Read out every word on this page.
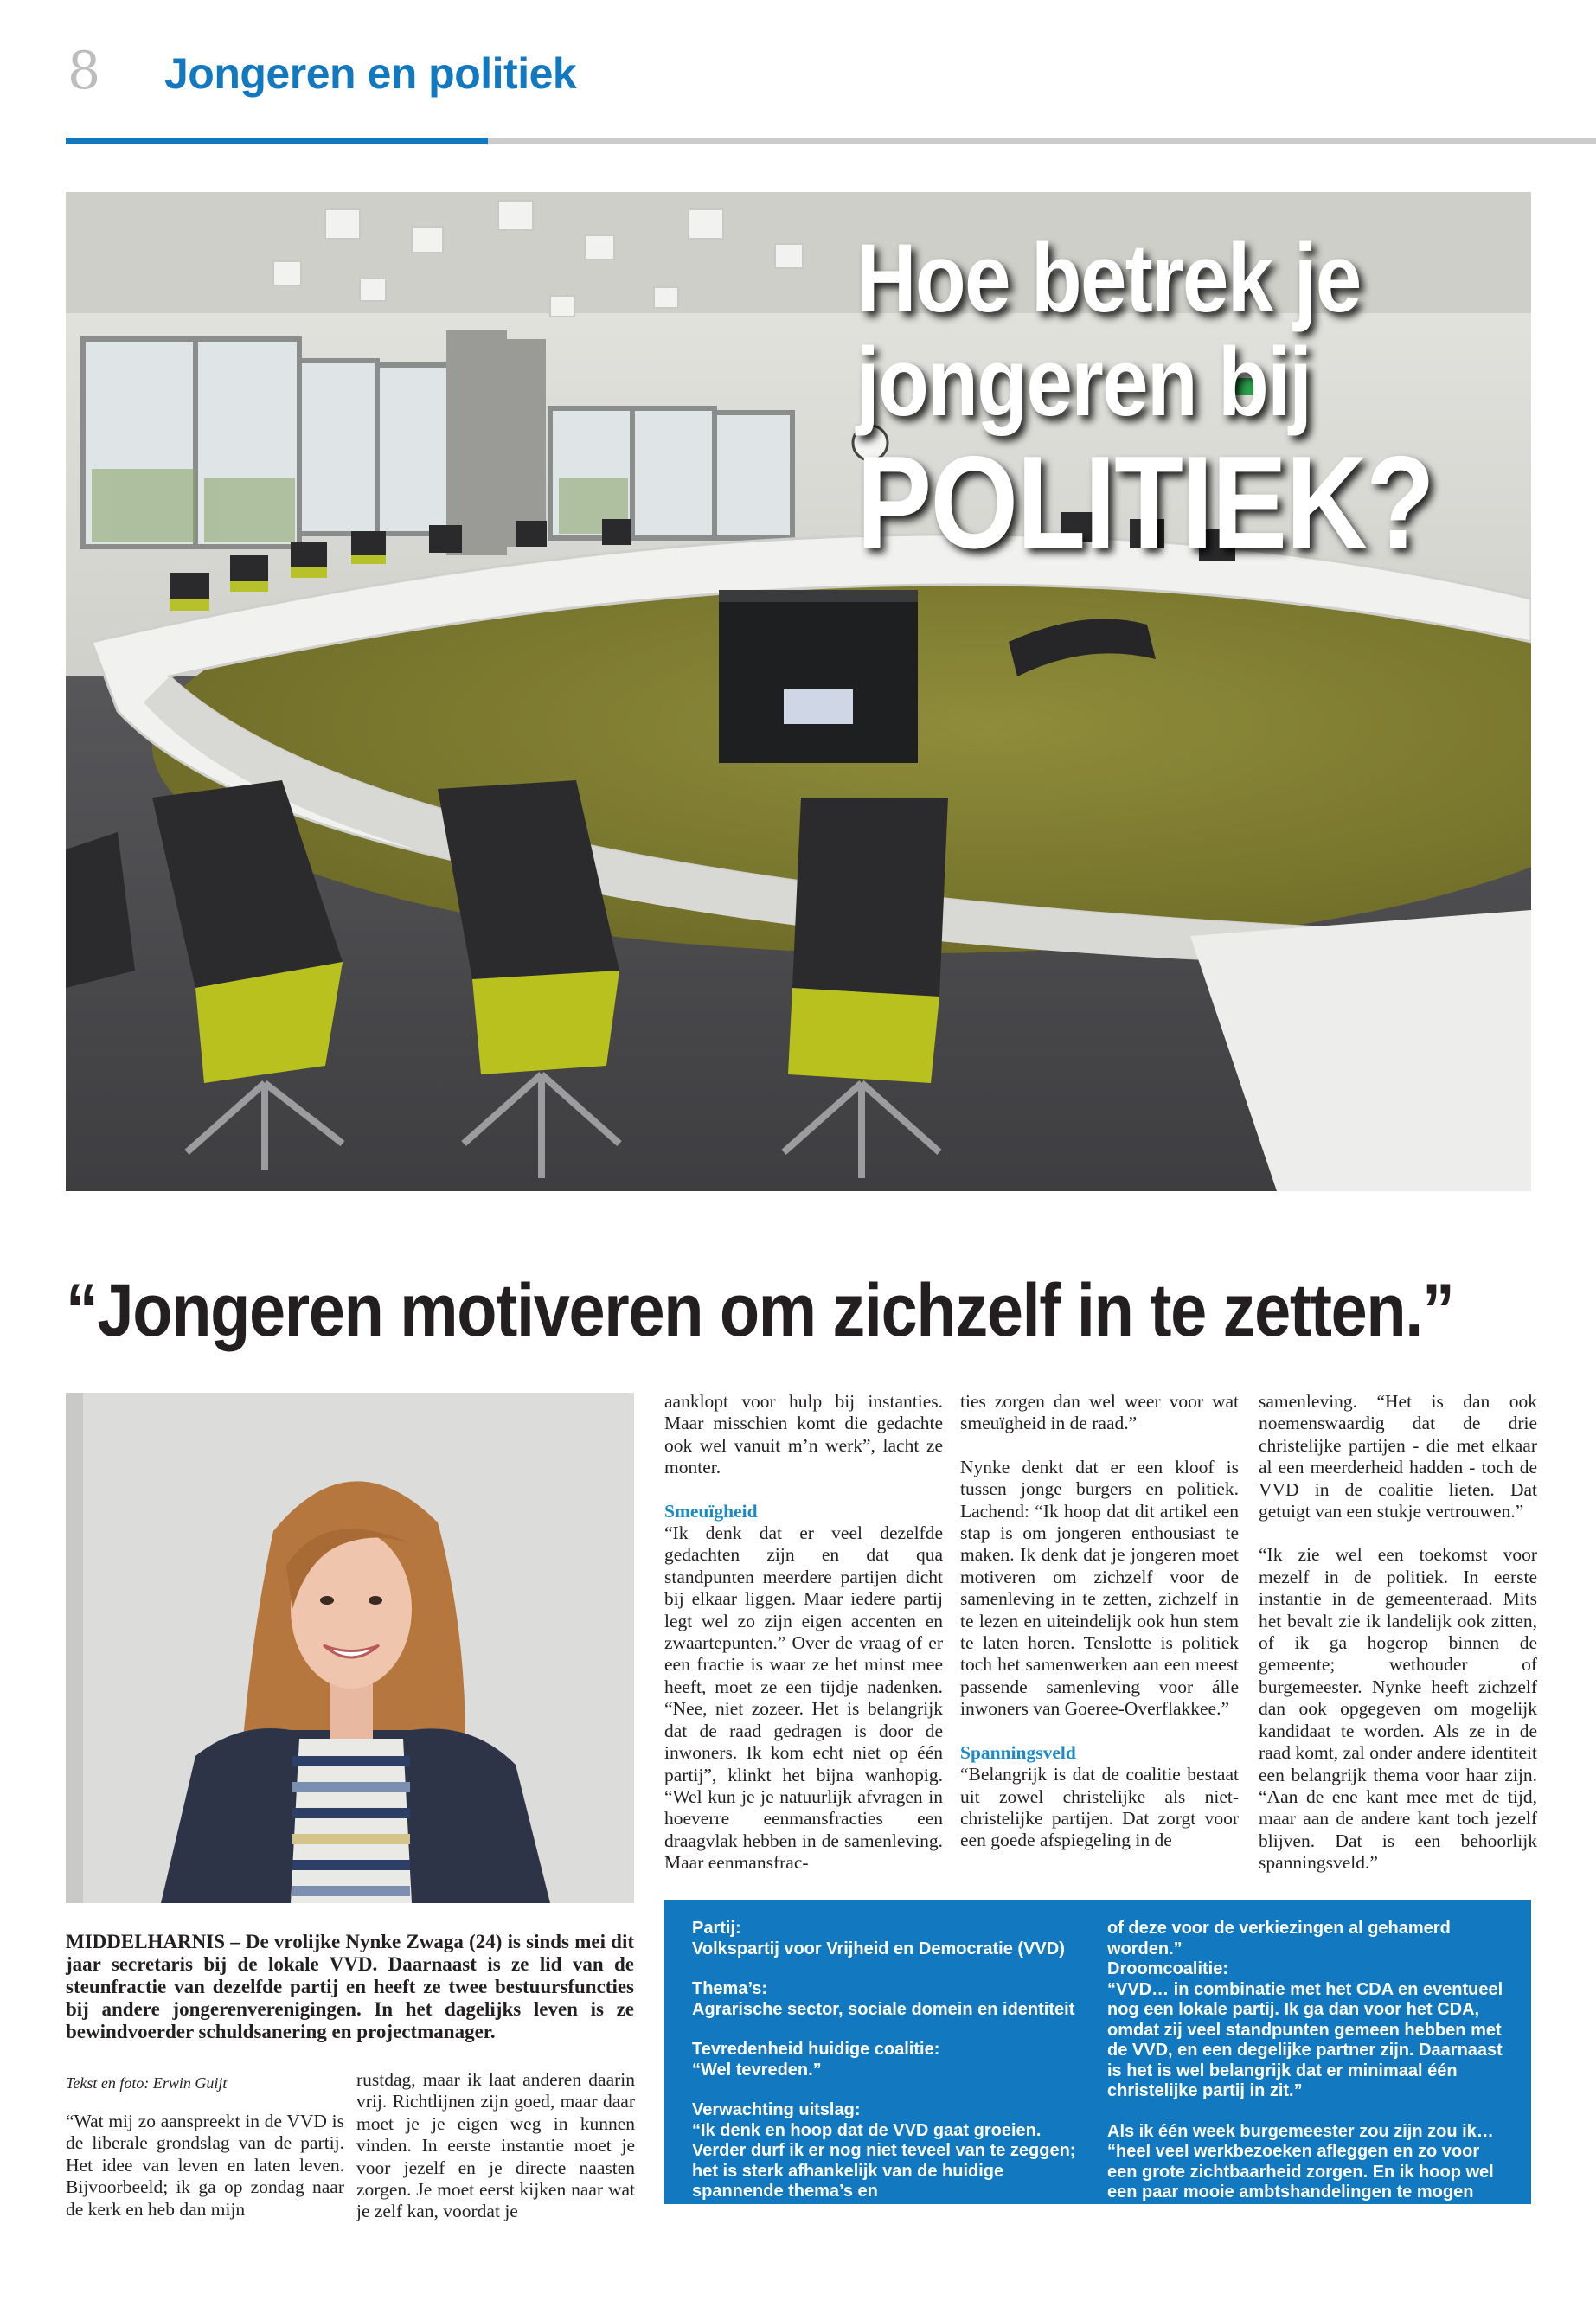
8 Jongeren en politiek
Hoe betrek je
jongeren bij
POLITIEK?
“Jongeren motiveren om zichzelf in te zetten.”

aanklopt voor hulp bij instanties. Maar misschien komt die gedachte ook wel vanuit m’n werk”, lacht ze monter.

Smeuïgheid

“Ik denk dat er veel dezelfde gedachten zijn en dat qua standpunten meerdere partijen dicht bij elkaar liggen. Maar iedere partij legt wel zo zijn eigen accenten en zwaartepunten.” Over de vraag of er een fractie is waar ze het minst mee heeft, moet ze een tijdje nadenken. “Nee, niet zozeer. Het is belangrijk dat de raad gedragen is door de inwoners. Ik kom echt niet op één partij”, klinkt het bijna wanhopig. “Wel kun je je natuurlijk afvragen in hoeverre eenmansfracties een draagvlak hebben in de samenleving. Maar eenmansfrac-

ties zorgen dan wel weer voor wat smeuïgheid in de raad.”

Nynke denkt dat er een kloof is tussen jonge burgers en politiek. Lachend: “Ik hoop dat dit artikel een stap is om jongeren enthousiast te maken. Ik denk dat je jongeren moet motiveren om zichzelf voor de samenleving in te zetten, zichzelf in te lezen en uiteindelijk ook hun stem te laten horen. Tenslotte is politiek toch het samenwerken aan een meest passende samenleving voor álle inwoners van Goeree-Overflakkee.”

Spanningsveld

“Belangrijk is dat de coalitie bestaat uit zowel christelijke als niet-christelijke partijen. Dat zorgt voor een goede afspiegeling in de

samenleving. “Het is dan ook noemenswaardig dat de drie christelijke partijen - die met elkaar al een meerderheid hadden - toch de VVD in de coalitie lieten. Dat getuigt van een stukje vertrouwen.”

“Ik zie wel een toekomst voor mezelf in de politiek. In eerste instantie in de gemeenteraad. Mits het bevalt zie ik landelijk ook zitten, of ik ga hogerop binnen de gemeente; wethouder of burgemeester. Nynke heeft zichzelf dan ook opgegeven om mogelijk kandidaat te worden. Als ze in de raad komt, zal onder andere identiteit een belangrijk thema voor haar zijn. “Aan de ene kant mee met de tijd, maar aan de andere kant toch jezelf blijven. Dat is een behoorlijk spanningsveld.”

MIDDELHARNIS – De vrolijke Nynke Zwaga (24) is sinds mei dit jaar secretaris bij de lokale VVD. Daarnaast is ze lid van de steunfractie van dezelfde partij en heeft ze twee bestuursfuncties bij andere jongerenverenigingen. In het dagelijks leven is ze bewindvoerder schuldsanering en projectmanager.
Tekst en foto: Erwin Guijt
“Wat mij zo aanspreekt in de VVD is de liberale grondslag van de partij. Het idee van leven en laten leven. Bijvoorbeeld; ik ga op zondag naar de kerk en heb dan mijn
rustdag, maar ik laat anderen daarin vrij. Richtlijnen zijn goed, maar daar moet je je eigen weg in kunnen vinden. In eerste instantie moet je voor jezelf en je directe naasten zorgen. Je moet eerst kijken naar wat je zelf kan, voordat je

Partij:
Volkspartij voor Vrijheid en Democratie (VVD)

Thema’s:
Agrarische sector, sociale domein en identiteit

Tevredenheid huidige coalitie:
“Wel tevreden.”

Verwachting uitslag:
“Ik denk en hoop dat de VVD gaat groeien. Verder durf ik er nog niet teveel van te zeggen; het is sterk afhankelijk van de huidige spannende thema’s en

of deze voor de verkiezingen al gehamerd worden.”
Droomcoalitie:
“VVD… in combinatie met het CDA en eventueel nog een lokale partij. Ik ga dan voor het CDA, omdat zij veel standpunten gemeen hebben met de VVD, en een degelijke partner zijn. Daarnaast is het is wel belangrijk dat er minimaal één christelijke partij in zit.”

Als ik één week burgemeester zou zijn zou ik… “heel veel werkbezoeken afleggen en zo voor een grote zichtbaarheid zorgen. En ik hoop wel een paar mooie ambtshandelingen te mogen verrichten.”
